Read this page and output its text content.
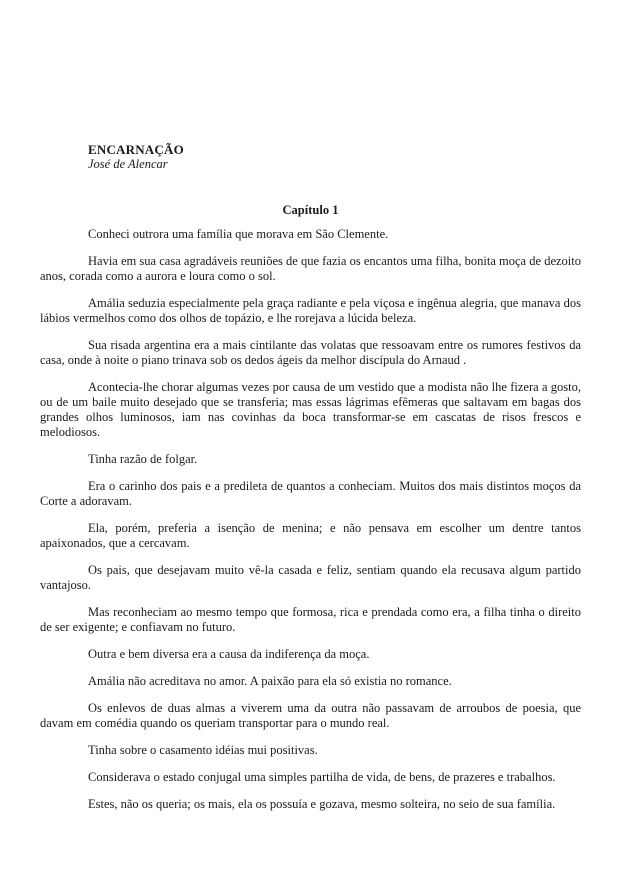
ENCARNAÇÃO
José de Alencar
Capítulo 1

Conheci outrora uma família que morava em São Clemente.

Havia em sua casa agradáveis reuniões de que fazia os encantos uma filha, bonita moça de dezoito anos, corada como a aurora e loura como o sol.

Amália seduzia especialmente pela graça radiante e pela viçosa e ingênua alegria, que manava dos lábios vermelhos como dos olhos de topázio, e lhe rorejava a lúcida beleza.

Sua risada argentina era a mais cintilante das volatas que ressoavam entre os rumores festivos da casa, onde à noite o piano trinava sob os dedos ágeis da melhor discípula do Arnaud .

Acontecia-lhe chorar algumas vezes por causa de um vestido que a modista não lhe fizera a gosto, ou de um baile muito desejado que se transferia; mas essas lágrimas efêmeras que saltavam em bagas dos grandes olhos luminosos, iam nas covinhas da boca transformar-se em cascatas de risos frescos e melodiosos.

Tinha razão de folgar.

Era o carinho dos pais e a predileta de quantos a conheciam. Muitos dos mais distintos moços da Corte a adoravam.

Ela, porém, preferia a isenção de menina; e não pensava em escolher um dentre tantos apaixonados, que a cercavam.

Os pais, que desejavam muito vê-la casada e feliz, sentiam quando ela recusava algum partido vantajoso.

Mas reconheciam ao mesmo tempo que formosa, rica e prendada como era, a filha tinha o direito de ser exigente; e confiavam no futuro.

Outra e bem diversa era a causa da indiferença da moça.

Amália não acreditava no amor. A paixão para ela só existia no romance.

Os enlevos de duas almas a viverem uma da outra não passavam de arroubos de poesia, que davam em comédia quando os queriam transportar para o mundo real.

Tinha sobre o casamento idéias mui positivas.

Considerava o estado conjugal uma simples partilha de vida, de bens, de prazeres e trabalhos.

Estes, não os queria; os mais, ela os possuía e gozava, mesmo solteira, no seio de sua família.
